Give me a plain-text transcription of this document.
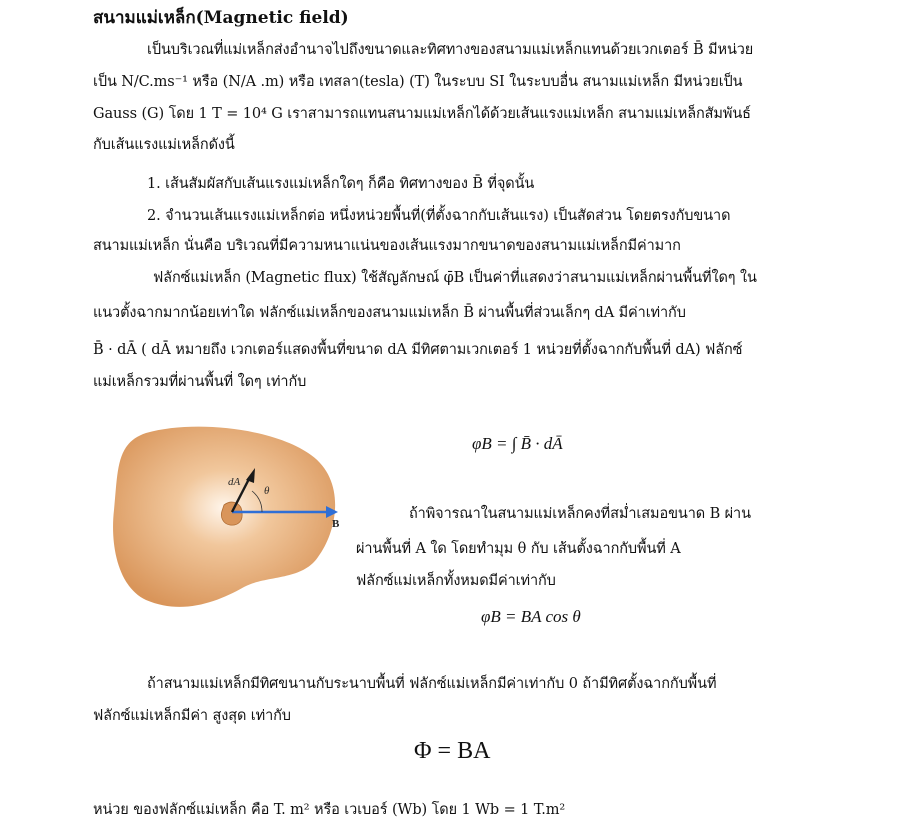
สนามแม่เหล็ก(Magnetic field)
เป็นบริเวณที่แม่เหล็กส่งอำนาจไปถึงขนาดและทิศทางของสนามแม่เหล็กแทนด้วยเวกเตอร์ B̄ มีหน่วย
เป็น N/C.ms⁻¹ หรือ (N/A .m) หรือ เทสลา(tesla) (T) ในระบบ SI ในระบบอื่น สนามแม่เหล็ก มีหน่วยเป็น
Gauss (G) โดย 1 T = 10⁴ G เราสามารถแทนสนามแม่เหล็กได้ด้วยเส้นแรงแม่เหล็ก สนามแม่เหล็กสัมพันธ์
กับเส้นแรงแม่เหล็กดังนี้
1. เส้นสัมผัสกับเส้นแรงแม่เหล็กใดๆ ก็คือ ทิศทางของ B̄ ที่จุดนั้น
2. จำนวนเส้นแรงแม่เหล็กต่อ หนึ่งหน่วยพื้นที่(ที่ตั้งฉากกับเส้นแรง) เป็นสัดส่วน โดยตรงกับขนาด
สนามแม่เหล็ก นั่นคือ บริเวณที่มีความหนาแน่นของเส้นแรงมากขนาดของสนามแม่เหล็กมีค่ามาก
ฟลักซ์แม่เหล็ก (Magnetic flux) ใช้สัญลักษณ์ φ̄B เป็นค่าที่แสดงว่าสนามแม่เหล็กผ่านพื้นที่ใดๆ ใน
แนวตั้งฉากมากน้อยเท่าใด ฟลักซ์แม่เหล็กของสนามแม่เหล็ก B̄ ผ่านพื้นที่ส่วนเล็กๆ dA มีค่าเท่ากับ
B̄ · dĀ ( dĀ หมายถึง เวกเตอร์แสดงพื้นที่ขนาด dA มีทิศตามเวกเตอร์ 1 หน่วยที่ตั้งฉากกับพื้นที่ dA) ฟลักซ์
แม่เหล็กรวมที่ผ่านพื้นที่ ใดๆ เท่ากับ
φB = ∫ B̄ · dĀ
dA
θ
B
ถ้าพิจารณาในสนามแม่เหล็กคงที่สม่ำเสมอขนาด B ผ่าน
ผ่านพื้นที่ A ใด โดยทำมุม θ กับ เส้นตั้งฉากกับพื้นที่ A
ฟลักซ์แม่เหล็กทั้งหมดมีค่าเท่ากับ
φB = BA cos θ
ถ้าสนามแม่เหล็กมีทิศขนานกับระนาบพื้นที่ ฟลักซ์แม่เหล็กมีค่าเท่ากับ 0 ถ้ามีทิศตั้งฉากกับพื้นที่
ฟลักซ์แม่เหล็กมีค่า สูงสุด เท่ากับ
Φ = BA
หน่วย ของฟลักซ์แม่เหล็ก คือ T. m² หรือ เวเบอร์ (Wb) โดย 1 Wb = 1 T.m²
